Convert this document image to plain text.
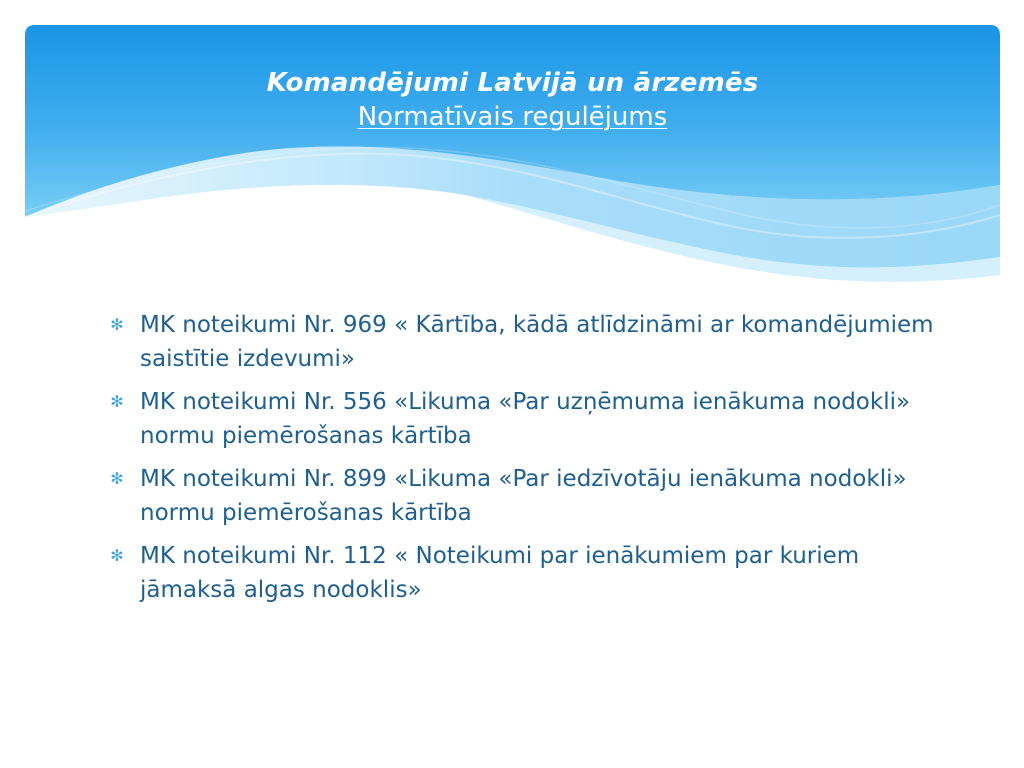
Komandējumi Latvijā un ārzemēs
Normatīvais regulējums
✻ MK noteikumi Nr. 969 « Kārtība, kādā atlīdzināmi ar komandējumiem saistītie izdevumi»
✻ MK noteikumi Nr. 556 «Likuma «Par uzņēmuma ienākuma nodokli» normu piemērošanas kārtība
✻ MK noteikumi Nr. 899 «Likuma «Par iedzīvotāju ienākuma nodokli» normu piemērošanas kārtība
✻ MK noteikumi Nr. 112 « Noteikumi par ienākumiem par kuriem jāmaksā algas nodoklis»
